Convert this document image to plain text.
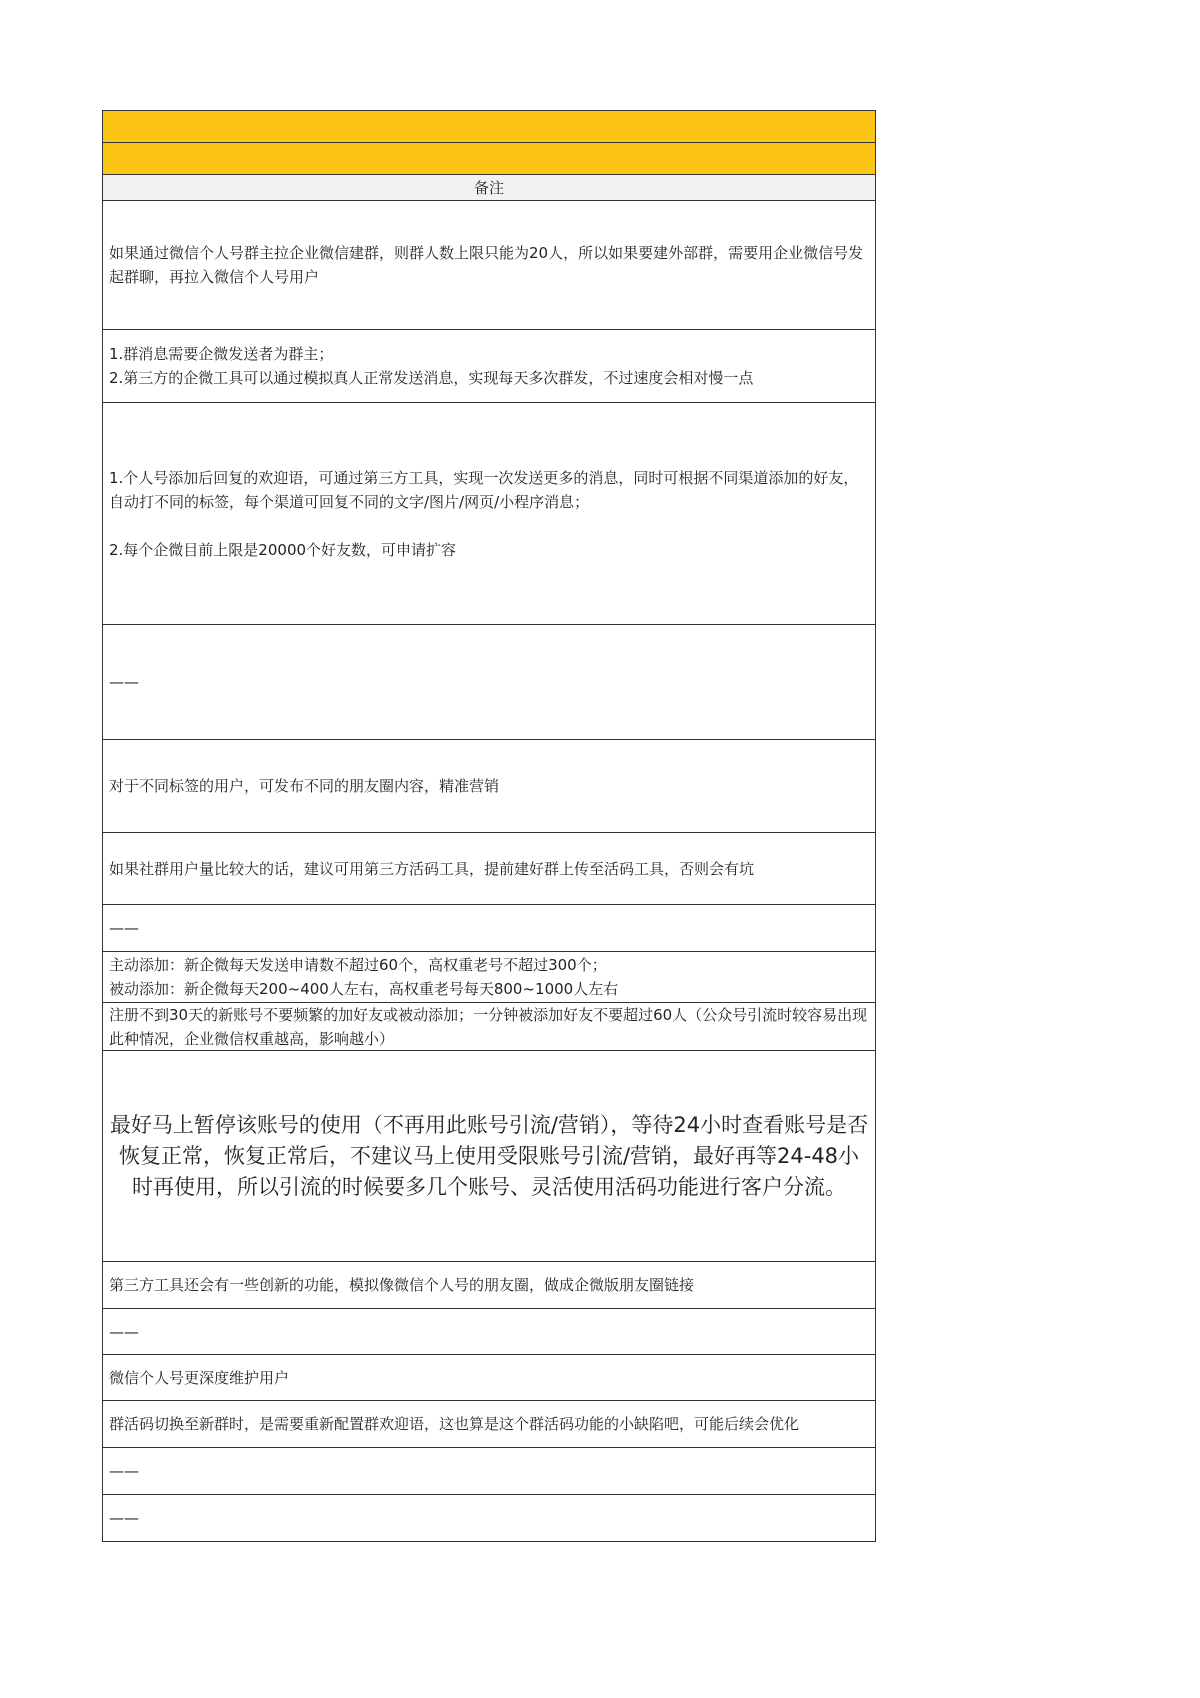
备注
如果通过微信个人号群主拉企业微信建群，则群人数上限只能为20人，所以如果要建外部群，需要用企业微信号发起群聊，再拉入微信个人号用户
1.群消息需要企微发送者为群主；
2.第三方的企微工具可以通过模拟真人正常发送消息，实现每天多次群发，不过速度会相对慢一点
1.个人号添加后回复的欢迎语，可通过第三方工具，实现一次发送更多的消息，同时可根据不同渠道添加的好友，自动打不同的标签，每个渠道可回复不同的文字/图片/网页/小程序消息；

2.每个企微目前上限是20000个好友数，可申请扩容
——
对于不同标签的用户，可发布不同的朋友圈内容，精准营销
如果社群用户量比较大的话，建议可用第三方活码工具，提前建好群上传至活码工具，否则会有坑
——
主动添加：新企微每天发送申请数不超过60个，高权重老号不超过300个；
被动添加：新企微每天200~400人左右，高权重老号每天800~1000人左右
注册不到30天的新账号不要频繁的加好友或被动添加；一分钟被添加好友不要超过60人（公众号引流时较容易出现此种情况，企业微信权重越高，影响越小）
最好马上暂停该账号的使用（不再用此账号引流/营销），等待24小时查看账号是否恢复正常，恢复正常后，不建议马上使用受限账号引流/营销，最好再等24-48小时再使用，所以引流的时候要多几个账号、灵活使用活码功能进行客户分流。
第三方工具还会有一些创新的功能，模拟像微信个人号的朋友圈，做成企微版朋友圈链接
——
微信个人号更深度维护用户
群活码切换至新群时，是需要重新配置群欢迎语，这也算是这个群活码功能的小缺陷吧，可能后续会优化
——
——
